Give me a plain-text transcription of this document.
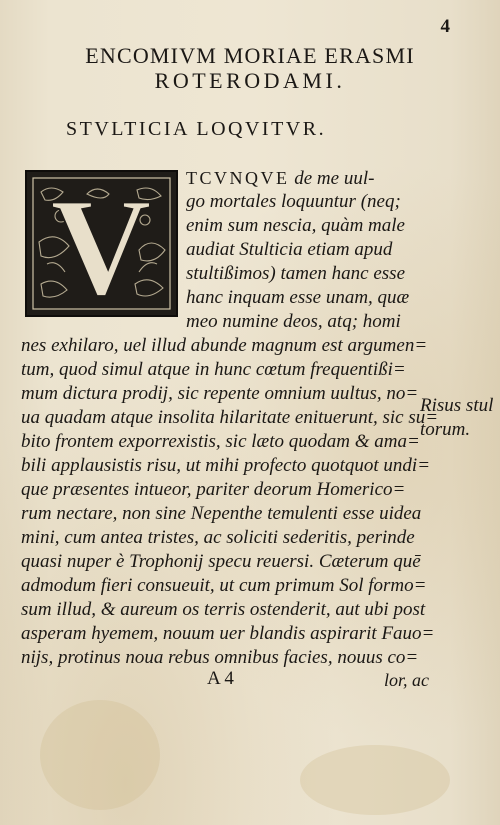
4
ENCOMIVM MORIAE ERASMI
ROTERODAMI.
STVLTICIA LOQVITVR.
V TCVNQVE de me uul‑
go mortales loquuntur (neq;
enim sum nescia, quàm male
audiat Stulticia etiam apud
stultißimos) tamen hanc esse
hanc inquam esse unam, quæ
meo numine deos, atq; homi
nes exhilaro, uel illud abunde magnum est argumen=
tum, quod simul atque in hunc cœtum frequentißi=
mum dictura prodij, sic repente omnium uultus, no=
ua quadam atque insolita hilaritate enituerunt, sic su=
bito frontem exporrexistis, sic læto quodam & ama=
bili applausistis risu, ut mihi profecto quotquot undi=
que præsentes intueor, pariter deorum Homerico=
rum nectare, non sine Nepenthe temulenti esse uidea
mini, cum antea tristes, ac soliciti sederitis, perinde
quasi nuper è Trophonij specu reuersi. Cæterum quē
admodum fieri consueuit, ut cum primum Sol formo=
sum illud, & aureum os terris ostenderit, aut ubi post
asperam hyemem, nouum uer blandis aspirarit Fauo=
nijs, protinus noua rebus omnibus facies, nouus co=
Risus stul
torum.
A 4	lor, ac
